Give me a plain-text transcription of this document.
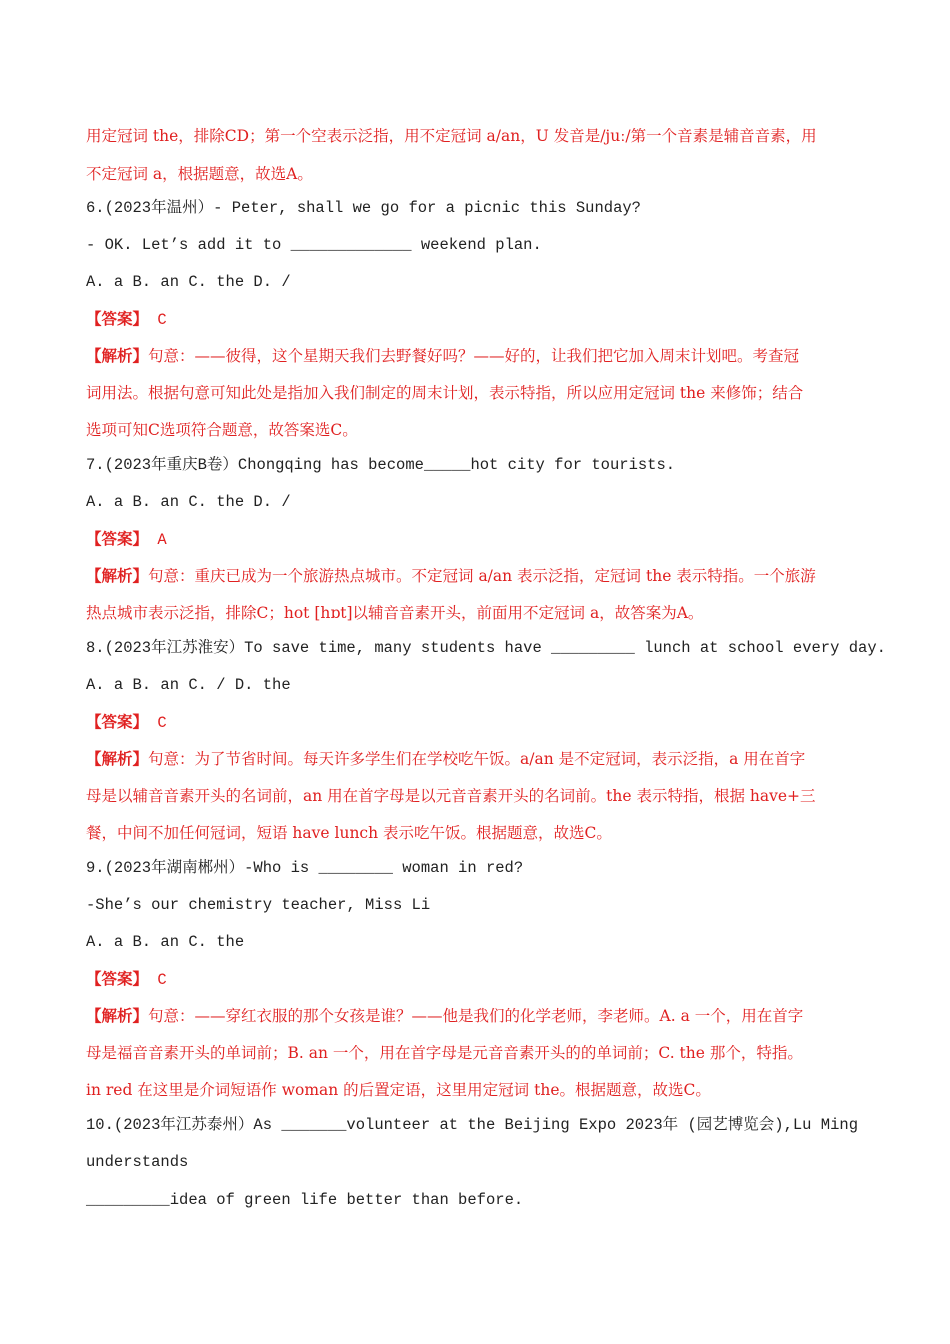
用定冠词 the，排除CD；第一个空表示泛指，用不定冠词 a/an，U 发音是/juː/第一个音素是辅音音素，用
不定冠词 a，根据题意，故选A。
6.(2023年温州）- Peter, shall we go for a picnic this Sunday?
- OK. Let’s add it to _____________ weekend plan.
A. a B. an C. the D. /
【答案】 C
【解析】句意：——彼得，这个星期天我们去野餐好吗？——好的，让我们把它加入周末计划吧。考查冠
词用法。根据句意可知此处是指加入我们制定的周末计划，表示特指，所以应用定冠词 the 来修饰；结合
选项可知C选项符合题意，故答案选C。
7.(2023年重庆B卷）Chongqing has become_____hot city for tourists.
A. a B. an C. the D. /
【答案】 A
【解析】句意：重庆已成为一个旅游热点城市。不定冠词 a/an 表示泛指，定冠词 the 表示特指。一个旅游
热点城市表示泛指，排除C；hot [hɒt]以辅音音素开头，前面用不定冠词 a，故答案为A。
8.(2023年江苏淮安）To save time, many students have _________ lunch at school every day.
A. a B. an C. / D. the
【答案】 C
【解析】句意：为了节省时间。每天许多学生们在学校吃午饭。a/an 是不定冠词，表示泛指，a 用在首字
母是以辅音音素开头的名词前，an 用在首字母是以元音音素开头的名词前。the 表示特指，根据 have+三
餐，中间不加任何冠词，短语 have lunch 表示吃午饭。根据题意，故选C。
9.(2023年湖南郴州）-Who is ________ woman in red?
-She’s our chemistry teacher, Miss Li
A. a B. an C. the
【答案】 C
【解析】句意：——穿红衣服的那个女孩是谁？——他是我们的化学老师，李老师。A. a 一个，用在首字
母是福音音素开头的单词前；B. an 一个，用在首字母是元音音素开头的的单词前；C. the 那个，特指。
in red 在这里是介词短语作 woman 的后置定语，这里用定冠词 the。根据题意，故选C。
10.(2023年江苏泰州）As _______volunteer at the Beijing Expo 2023年 (园艺博览会),Lu Ming
understands
_________idea of green life better than before.
